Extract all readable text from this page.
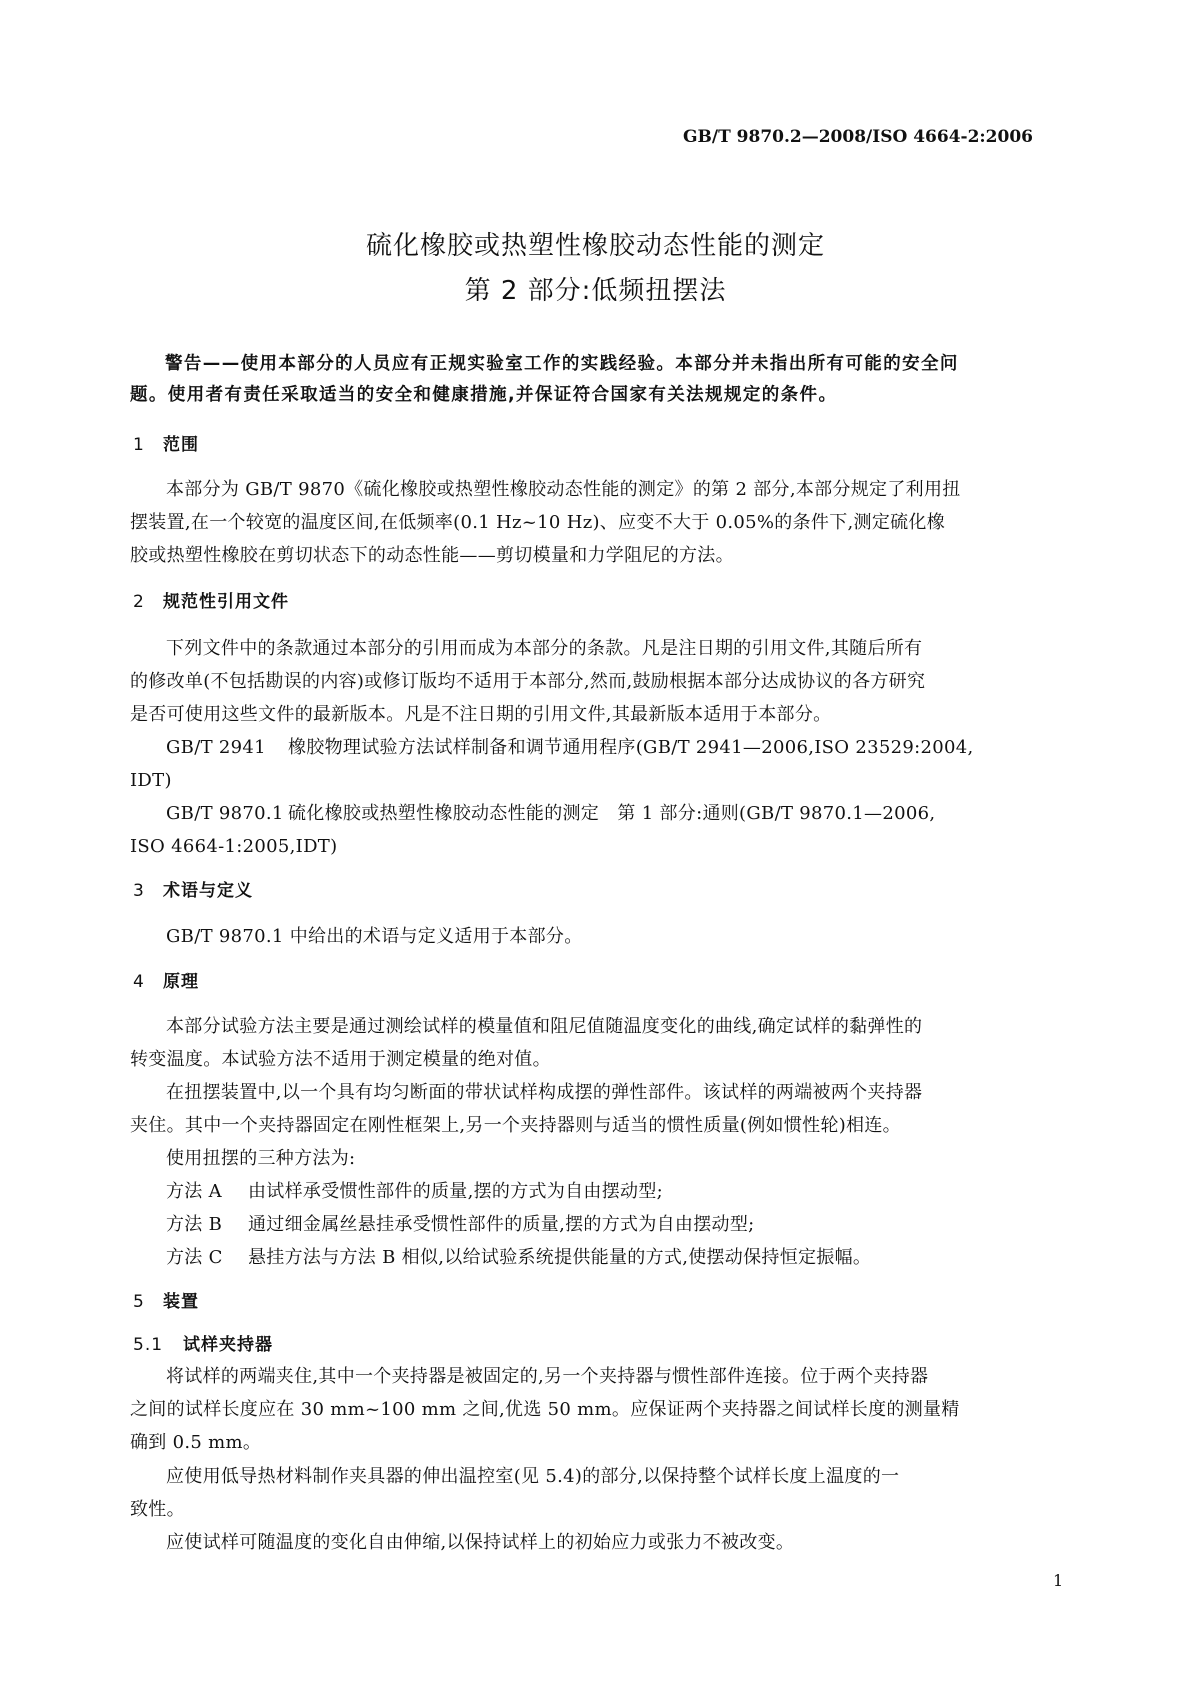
GB/T 9870.2—2008/ISO 4664-2:2006
硫化橡胶或热塑性橡胶动态性能的测定
第 2 部分:低频扭摆法
警告——使用本部分的人员应有正规实验室工作的实践经验。本部分并未指出所有可能的安全问
题。使用者有责任采取适当的安全和健康措施,并保证符合国家有关法规规定的条件。
1 范围
本部分为 GB/T 9870《硫化橡胶或热塑性橡胶动态性能的测定》的第 2 部分,本部分规定了利用扭
摆装置,在一个较宽的温度区间,在低频率(0.1 Hz~10 Hz)、应变不大于 0.05%的条件下,测定硫化橡
胶或热塑性橡胶在剪切状态下的动态性能——剪切模量和力学阻尼的方法。
2 规范性引用文件
下列文件中的条款通过本部分的引用而成为本部分的条款。凡是注日期的引用文件,其随后所有
的修改单(不包括勘误的内容)或修订版均不适用于本部分,然而,鼓励根据本部分达成协议的各方研究
是否可使用这些文件的最新版本。凡是不注日期的引用文件,其最新版本适用于本部分。
GB/T 2941 橡胶物理试验方法试样制备和调节通用程序(GB/T 2941—2006,ISO 23529:2004,
IDT)
GB/T 9870.1 硫化橡胶或热塑性橡胶动态性能的测定　第 1 部分:通则(GB/T 9870.1—2006,
ISO 4664-1:2005,IDT)
3 术语与定义
GB/T 9870.1 中给出的术语与定义适用于本部分。
4 原理
本部分试验方法主要是通过测绘试样的模量值和阻尼值随温度变化的曲线,确定试样的黏弹性的
转变温度。本试验方法不适用于测定模量的绝对值。
在扭摆装置中,以一个具有均匀断面的带状试样构成摆的弹性部件。该试样的两端被两个夹持器
夹住。其中一个夹持器固定在刚性框架上,另一个夹持器则与适当的惯性质量(例如惯性轮)相连。
使用扭摆的三种方法为:
方法 A 由试样承受惯性部件的质量,摆的方式为自由摆动型;
方法 B 通过细金属丝悬挂承受惯性部件的质量,摆的方式为自由摆动型;
方法 C 悬挂方法与方法 B 相似,以给试验系统提供能量的方式,使摆动保持恒定振幅。
5 装置
5.1 试样夹持器
将试样的两端夹住,其中一个夹持器是被固定的,另一个夹持器与惯性部件连接。位于两个夹持器
之间的试样长度应在 30 mm~100 mm 之间,优选 50 mm。应保证两个夹持器之间试样长度的测量精
确到 0.5 mm。
应使用低导热材料制作夹具器的伸出温控室(见 5.4)的部分,以保持整个试样长度上温度的一
致性。
应使试样可随温度的变化自由伸缩,以保持试样上的初始应力或张力不被改变。
1
